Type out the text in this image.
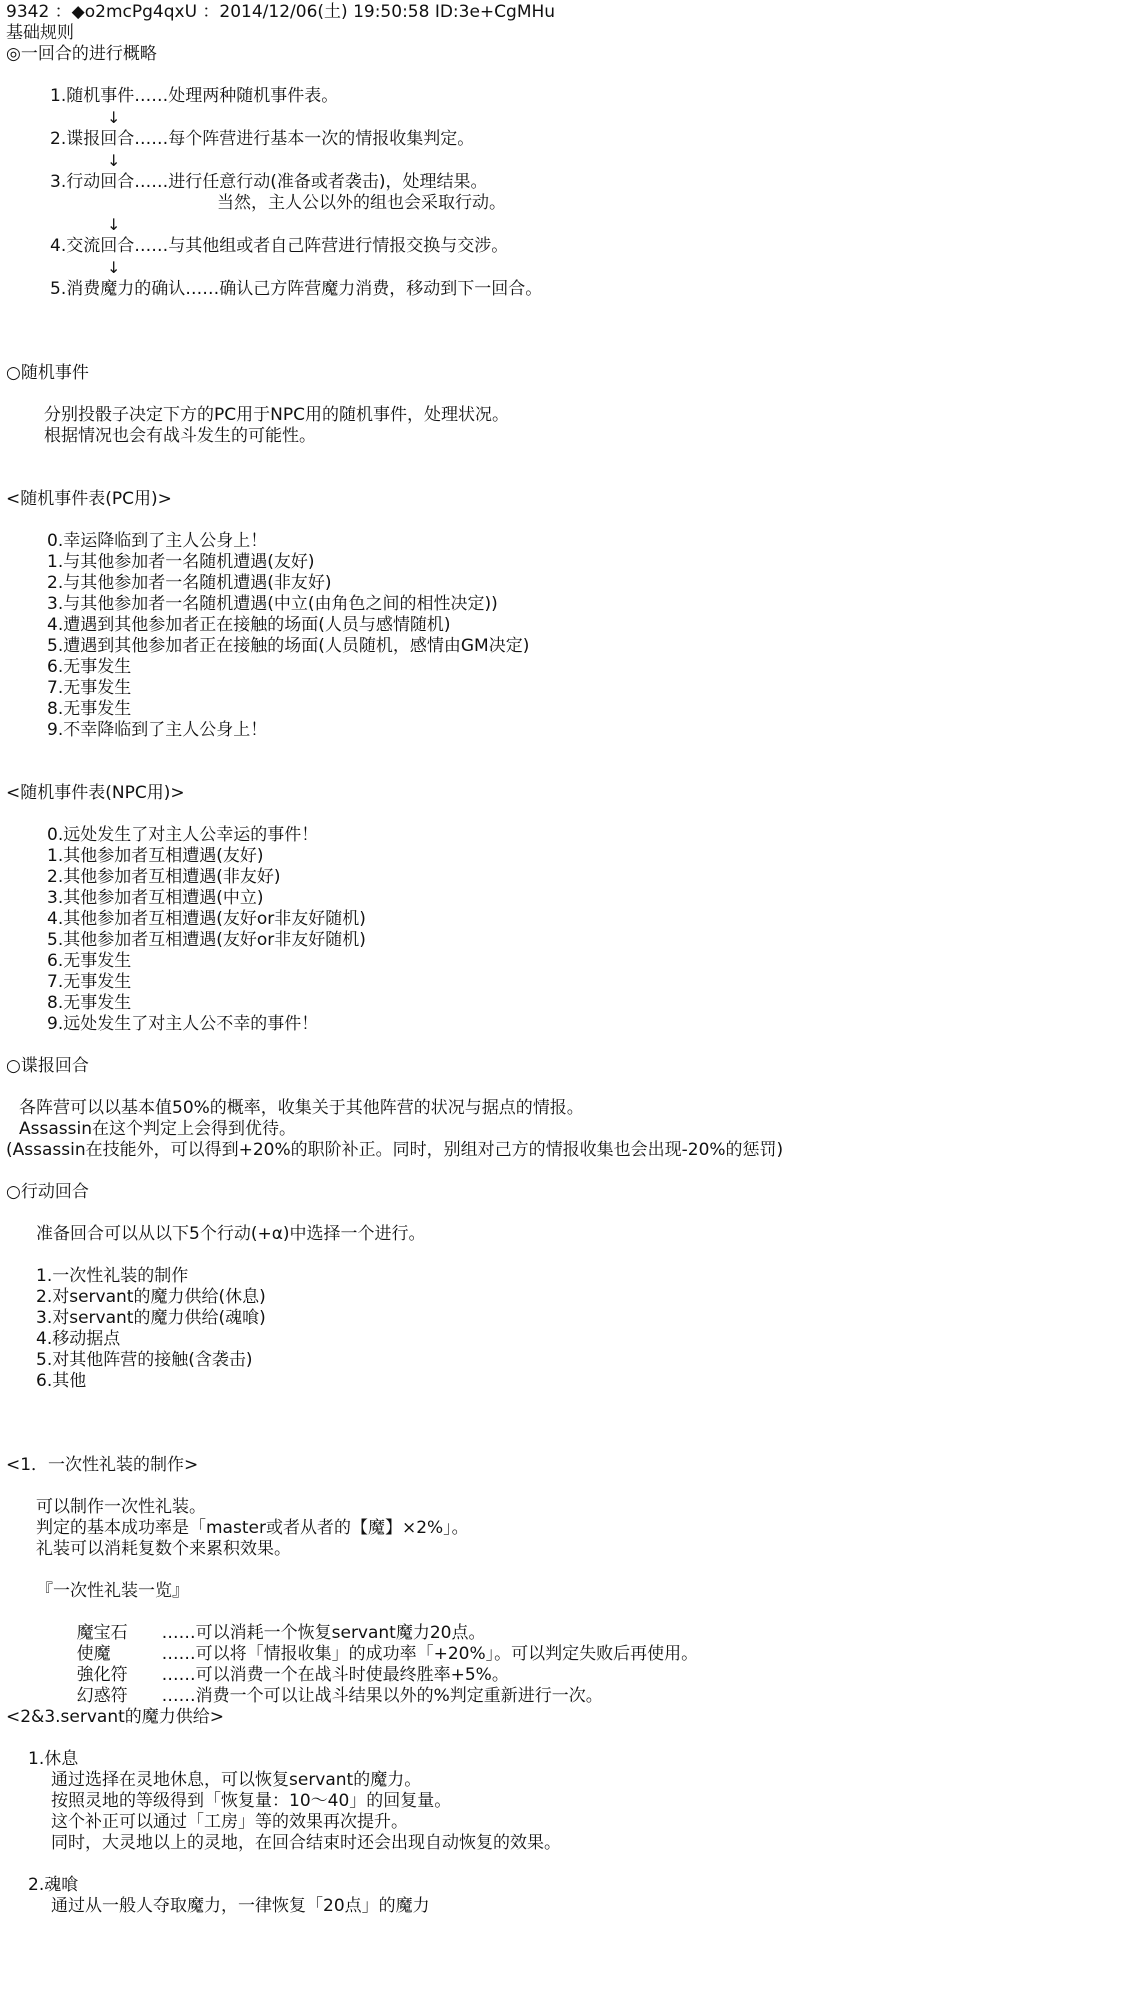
9342 ：◆o2mcPg4qxU ：2014/12/06(土) 19:50:58 ID:3e+CgMHu
基础规则
◎一回合的进行概略
1.随机事件……处理两种随机事件表。
↓
2.谍报回合……每个阵营进行基本一次的情报收集判定。
↓
3.行动回合……进行任意行动(准备或者袭击)，处理结果。
当然，主人公以外的组也会采取行动。
↓
4.交流回合……与其他组或者自己阵营进行情报交换与交涉。
↓
5.消费魔力的确认……确认己方阵营魔力消费，移动到下一回合。
○随机事件
分别投骰子决定下方的PC用于NPC用的随机事件，处理状况。
根据情况也会有战斗发生的可能性。
<随机事件表(PC用)>
0.幸运降临到了主人公身上！
1.与其他参加者一名随机遭遇(友好)
2.与其他参加者一名随机遭遇(非友好)
3.与其他参加者一名随机遭遇(中立(由角色之间的相性决定))
4.遭遇到其他参加者正在接触的场面(人员与感情随机)
5.遭遇到其他参加者正在接触的场面(人员随机，感情由GM决定)
6.无事发生
7.无事发生
8.无事发生
9.不幸降临到了主人公身上！
<随机事件表(NPC用)>
0.远处发生了对主人公幸运的事件！
1.其他参加者互相遭遇(友好)
2.其他参加者互相遭遇(非友好)
3.其他参加者互相遭遇(中立)
4.其他参加者互相遭遇(友好or非友好随机)
5.其他参加者互相遭遇(友好or非友好随机)
6.无事发生
7.无事发生
8.无事发生
9.远处发生了对主人公不幸的事件！
○谍报回合
各阵营可以以基本值50%的概率，收集关于其他阵营的状况与据点的情报。
Assassin在这个判定上会得到优待。
(Assassin在技能外，可以得到+20%的职阶补正。同时，别组对己方的情报收集也会出现-20%的惩罚)
○行动回合
准备回合可以从以下5个行动(+α)中选择一个进行。
1.一次性礼装的制作
2.对servant的魔力供给(休息)
3.对servant的魔力供给(魂喰)
4.移动据点
5.对其他阵营的接触(含袭击)
6.其他
<1．一次性礼装的制作>
可以制作一次性礼装。
判定的基本成功率是「master或者从者的【魔】×2%」。
礼装可以消耗复数个来累积效果。
『一次性礼装一览』

魔宝石 ……可以消耗一个恢复servant魔力20点。

使魔	……可以将「情报收集」的成功率「+20%」。可以判定失败后再使用。

強化符 ……可以消费一个在战斗时使最终胜率+5%。

幻惑符 ……消费一个可以让战斗结果以外的%判定重新进行一次。

<2&3.servant的魔力供给>
1.休息
通过选择在灵地休息，可以恢复servant的魔力。
按照灵地的等级得到「恢复量：10～40」的回复量。
这个补正可以通过「工房」等的效果再次提升。
同时，大灵地以上的灵地，在回合结束时还会出现自动恢复的效果。
2.魂喰
通过从一般人夺取魔力，一律恢复「20点」的魔力
